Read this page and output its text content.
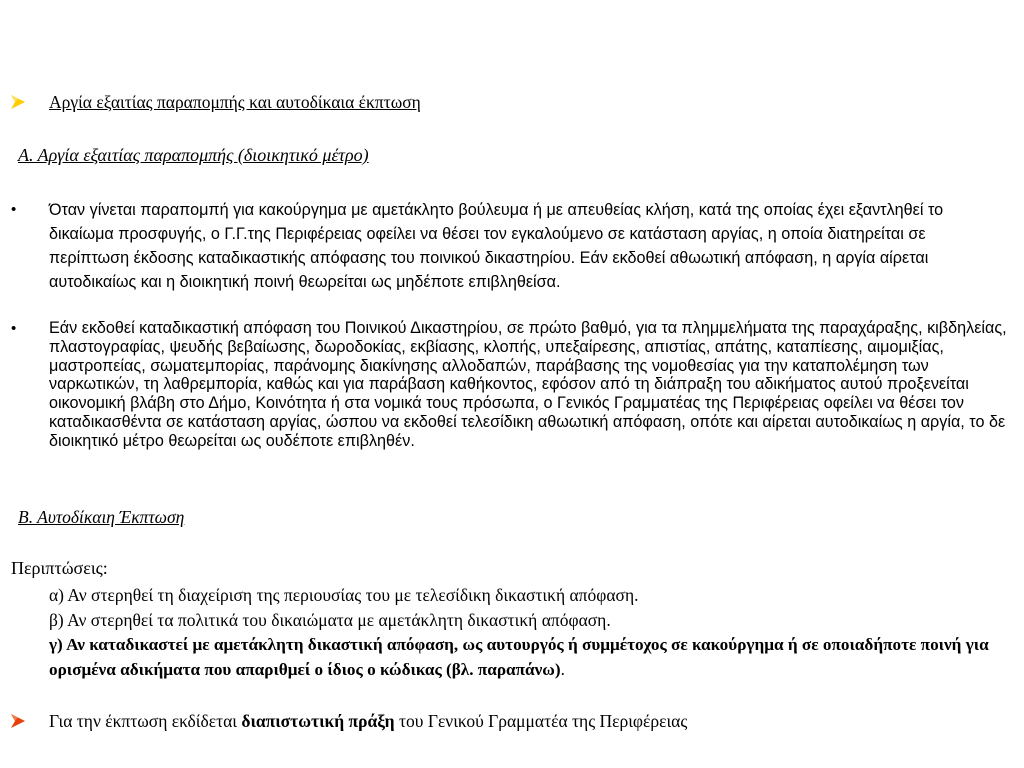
Αργία εξαιτίας παραπομπής και αυτοδίκαια έκπτωση
Α. Αργία εξαιτίας παραπομπής (διοικητικό μέτρο)
• Όταν γίνεται παραπομπή για κακούργημα με αμετάκλητο βούλευμα ή με απευθείας κλήση, κατά της οποίας έχει εξαντληθεί το δικαίωμα προσφυγής, ο Γ.Γ.της Περιφέρειας οφείλει να θέσει τον εγκαλούμενο σε κατάσταση αργίας, η οποία διατηρείται σε περίπτωση έκδοσης καταδικαστικής απόφασης του ποινικού δικαστηρίου. Εάν εκδοθεί αθωωτική απόφαση, η αργία αίρεται αυτοδικαίως και η διοικητική ποινή θεωρείται ως μηδέποτε επιβληθείσα.
• Εάν εκδοθεί καταδικαστική απόφαση του Ποινικού Δικαστηρίου, σε πρώτο βαθμό, για τα πλημμελήματα της παραχάραξης, κιβδηλείας, πλαστογραφίας, ψευδής βεβαίωσης, δωροδοκίας, εκβίασης, κλοπής, υπεξαίρεσης, απιστίας, απάτης, καταπίεσης, αιμομιξίας, μαστροπείας, σωματεμπορίας, παράνομης διακίνησης αλλοδαπών, παράβασης της νομοθεσίας για την καταπολέμηση των ναρκωτικών, τη λαθρεμπορία, καθώς και για παράβαση καθήκοντος, εφόσον από τη διάπραξη του αδικήματος αυτού προξενείται οικονομική βλάβη στο Δήμο, Κοινότητα ή στα νομικά τους πρόσωπα, ο Γενικός Γραμματέας της Περιφέρειας οφείλει να θέσει τον καταδικασθέντα σε κατάσταση αργίας, ώσπου να εκδοθεί τελεσίδικη αθωωτική απόφαση, οπότε και αίρεται αυτοδικαίως η αργία, το δε διοικητικό μέτρο θεωρείται ως ουδέποτε επιβληθέν.
Β. Αυτοδίκαιη Έκπτωση
Περιπτώσεις:
α) Αν στερηθεί τη διαχείριση της περιουσίας του με τελεσίδικη δικαστική απόφαση.
β) Αν στερηθεί τα πολιτικά του δικαιώματα με αμετάκλητη δικαστική απόφαση.
γ) Αν καταδικαστεί με αμετάκλητη δικαστική απόφαση, ως αυτουργός ή συμμέτοχος σε κακούργημα ή σε οποιαδήποτε ποινή για ορισμένα αδικήματα που απαριθμεί ο ίδιος ο κώδικας (βλ. παραπάνω).
Για την έκπτωση εκδίδεται διαπιστωτική πράξη του Γενικού Γραμματέα της Περιφέρειας
